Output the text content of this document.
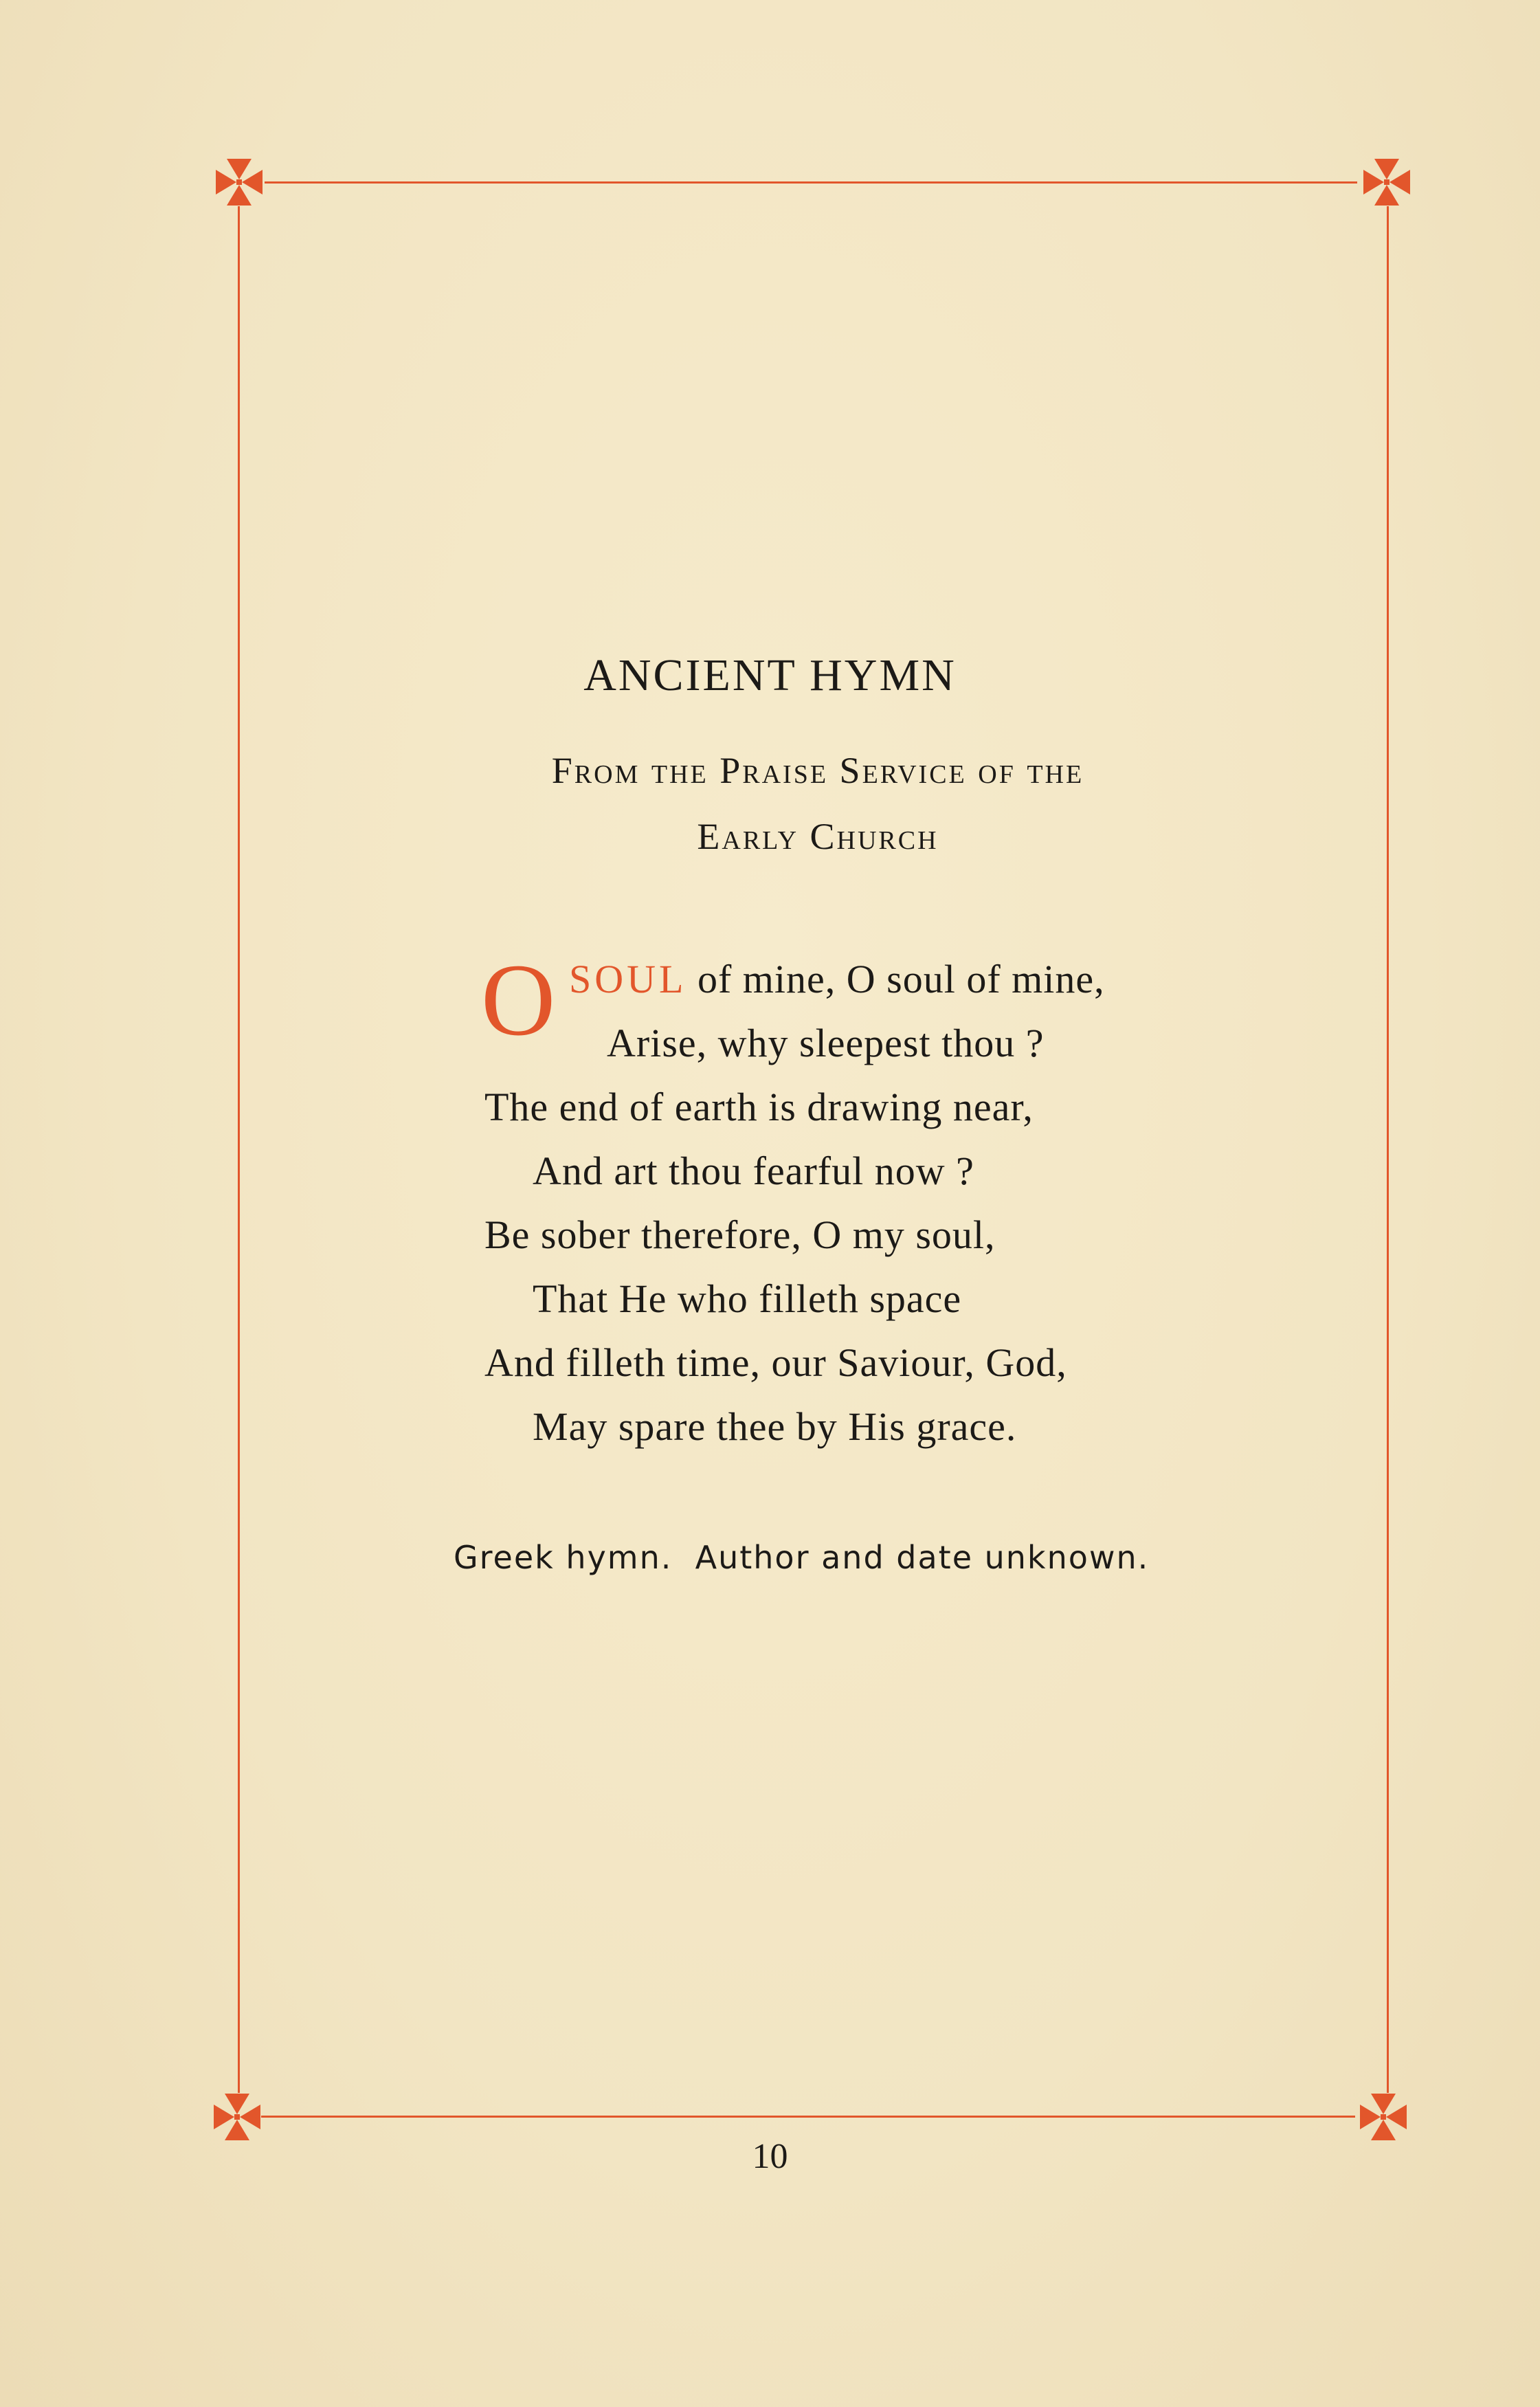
ANCIENT HYMN
From the Praise Service of the
Early Church
O SOUL of mine, O soul of mine,
Arise, why sleepest thou ?
The end of earth is drawing near,
And art thou fearful now ?
Be sober therefore, O my soul,
That He who filleth space
And filleth time, our Saviour, God,
May spare thee by His grace.
Greek hymn.  Author and date unknown.
10
